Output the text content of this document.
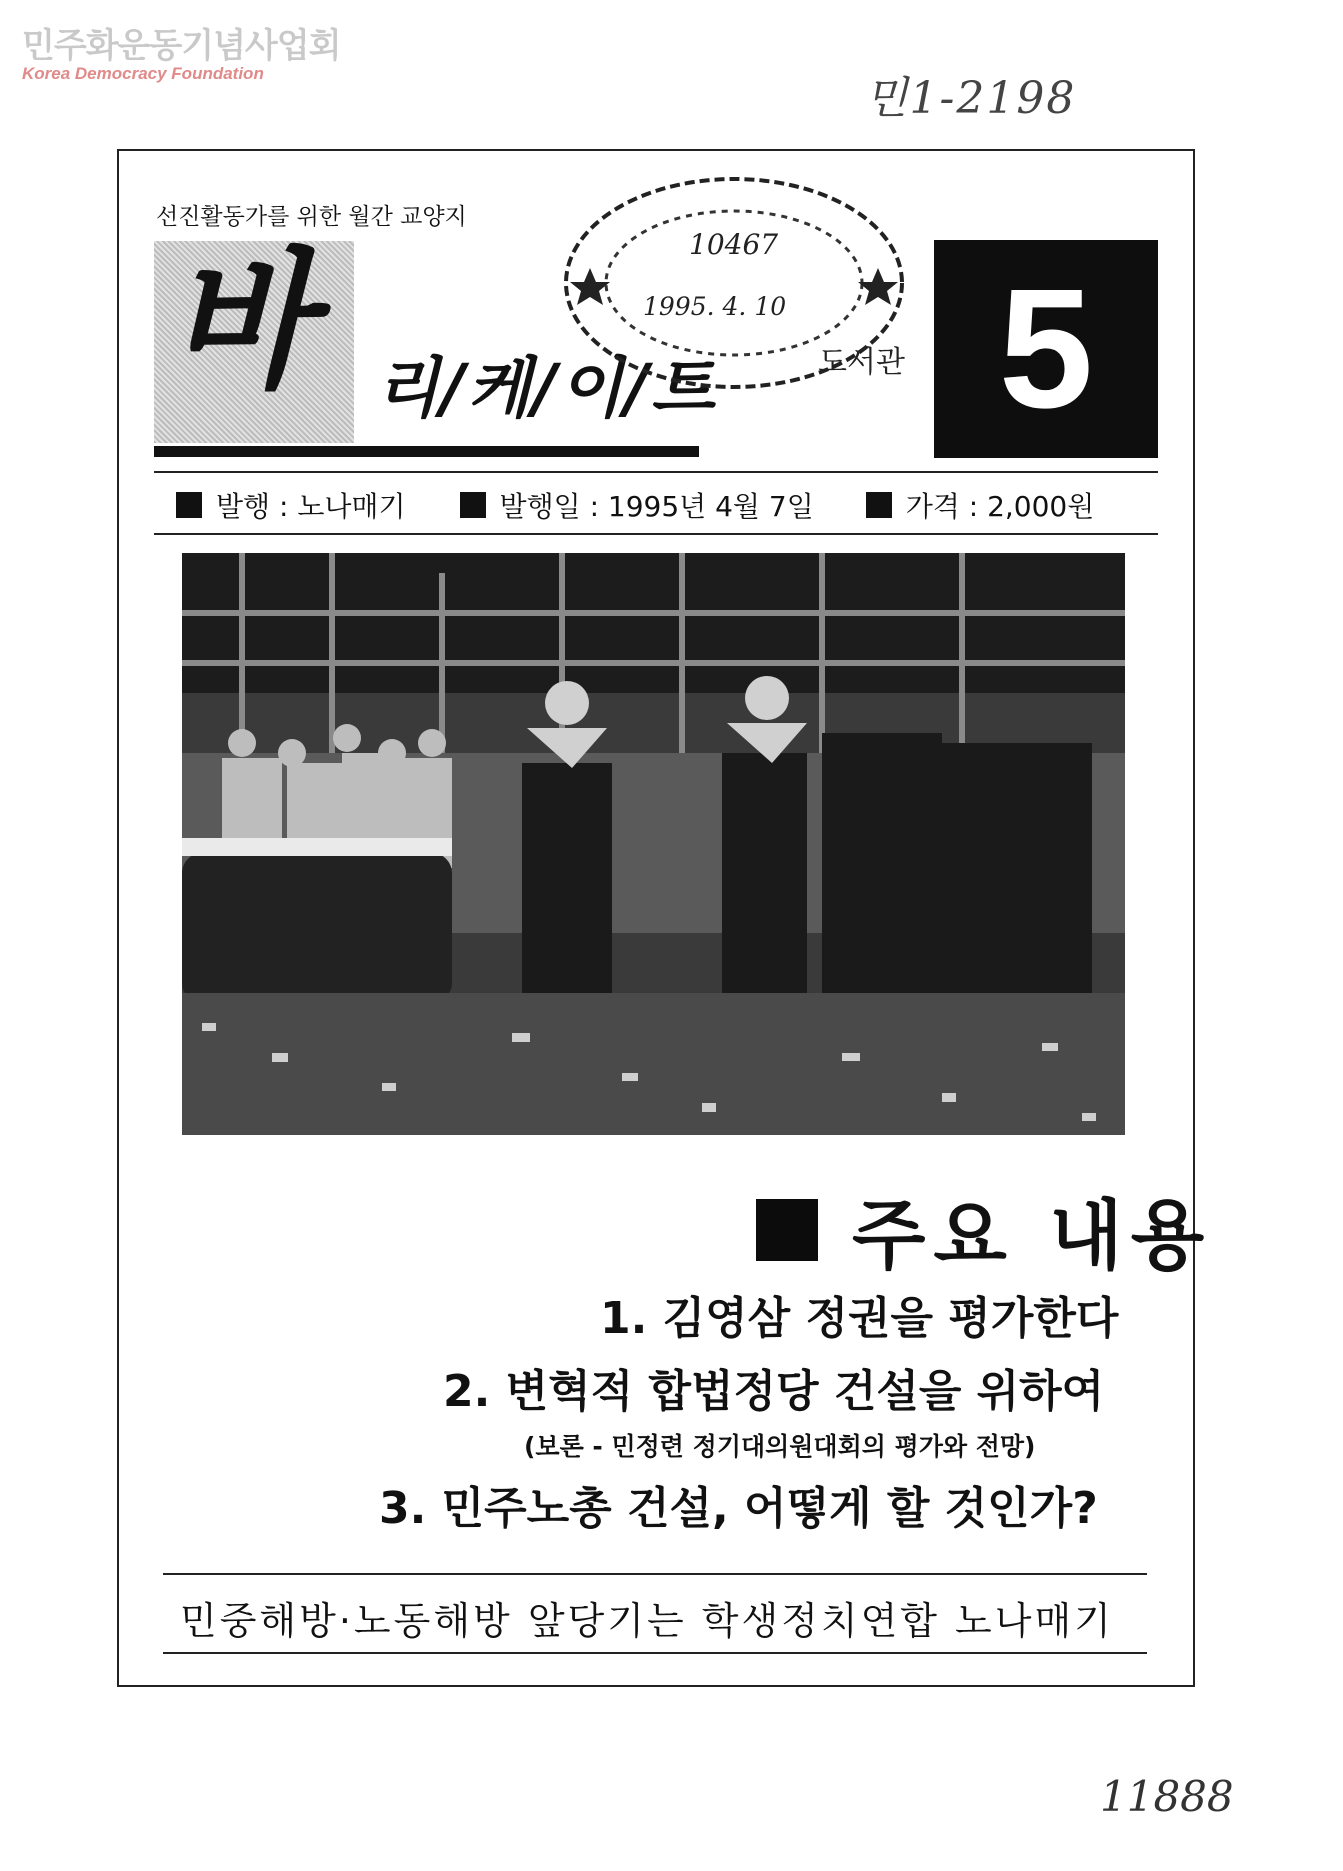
민주화운동기념사업회
Korea Democracy Foundation	민1-2198
선진활동가를 위한 월간 교양지
바 리/케/이/트	도서관
10467
1995. 4. 10	5
발행 : 노나매기	발행일 : 1995년 4월 7일	가격 : 2,000원
주요 내용
1. 김영삼 정권을 평가한다
2. 변혁적 합법정당 건설을 위하여
(보론 - 민정련 정기대의원대회의 평가와 전망)
3. 민주노총 건설, 어떻게 할 것인가?
민중해방·노동해방 앞당기는 학생정치연합 노나매기
11888
